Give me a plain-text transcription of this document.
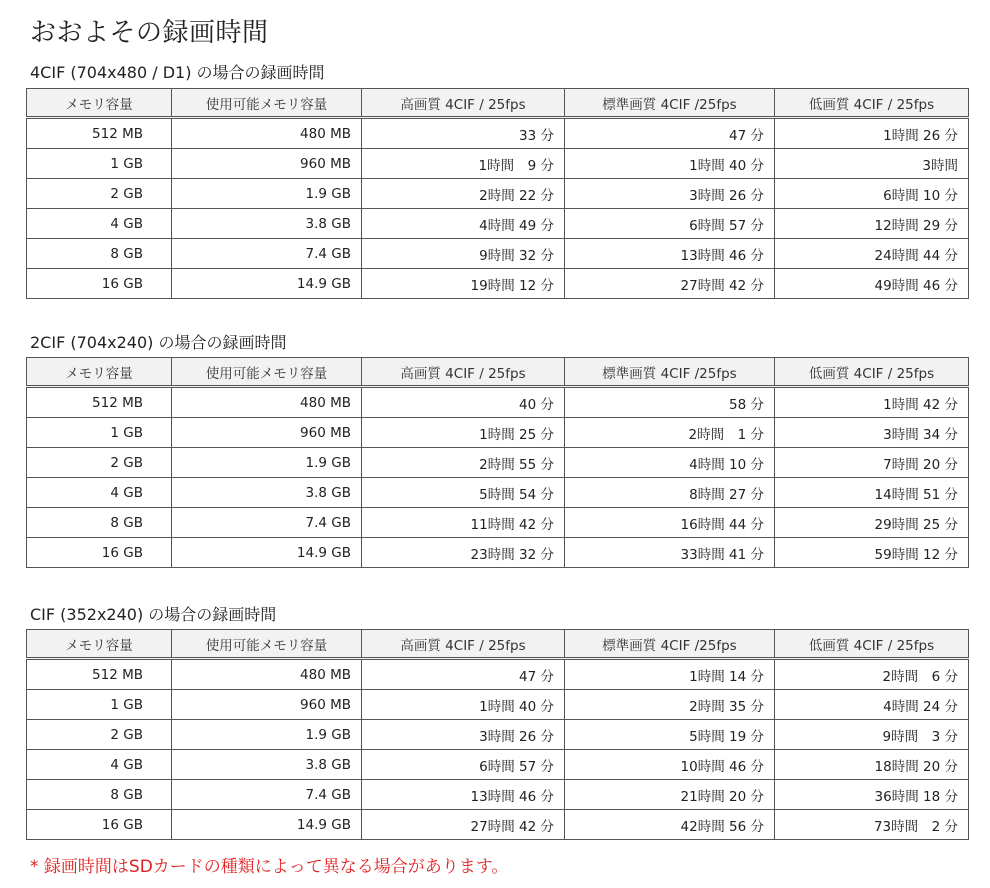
おおよその録画時間
4CIF (704x480 / D1) の場合の録画時間
メモリ容量	使用可能メモリ容量	高画質 4CIF / 25fps	標準画質 4CIF /25fps	低画質 4CIF / 25fps
512 MB	480 MB	33 分	47 分	1時間 26 分
1 GB	960 MB	1時間　9 分	1時間 40 分	3時間
2 GB	1.9 GB	2時間 22 分	3時間 26 分	6時間 10 分
4 GB	3.8 GB	4時間 49 分	6時間 57 分	12時間 29 分
8 GB	7.4 GB	9時間 32 分	13時間 46 分	24時間 44 分
16 GB	14.9 GB	19時間 12 分	27時間 42 分	49時間 46 分
2CIF (704x240) の場合の録画時間
メモリ容量	使用可能メモリ容量	高画質 4CIF / 25fps	標準画質 4CIF /25fps	低画質 4CIF / 25fps
512 MB	480 MB	40 分	58 分	1時間 42 分
1 GB	960 MB	1時間 25 分	2時間　1 分	3時間 34 分
2 GB	1.9 GB	2時間 55 分	4時間 10 分	7時間 20 分
4 GB	3.8 GB	5時間 54 分	8時間 27 分	14時間 51 分
8 GB	7.4 GB	11時間 42 分	16時間 44 分	29時間 25 分
16 GB	14.9 GB	23時間 32 分	33時間 41 分	59時間 12 分
CIF (352x240) の場合の録画時間
メモリ容量	使用可能メモリ容量	高画質 4CIF / 25fps	標準画質 4CIF /25fps	低画質 4CIF / 25fps
512 MB	480 MB	47 分	1時間 14 分	2時間　6 分
1 GB	960 MB	1時間 40 分	2時間 35 分	4時間 24 分
2 GB	1.9 GB	3時間 26 分	5時間 19 分	9時間　3 分
4 GB	3.8 GB	6時間 57 分	10時間 46 分	18時間 20 分
8 GB	7.4 GB	13時間 46 分	21時間 20 分	36時間 18 分
16 GB	14.9 GB	27時間 42 分	42時間 56 分	73時間　2 分
* 録画時間はSDカードの種類によって異なる場合があります。
